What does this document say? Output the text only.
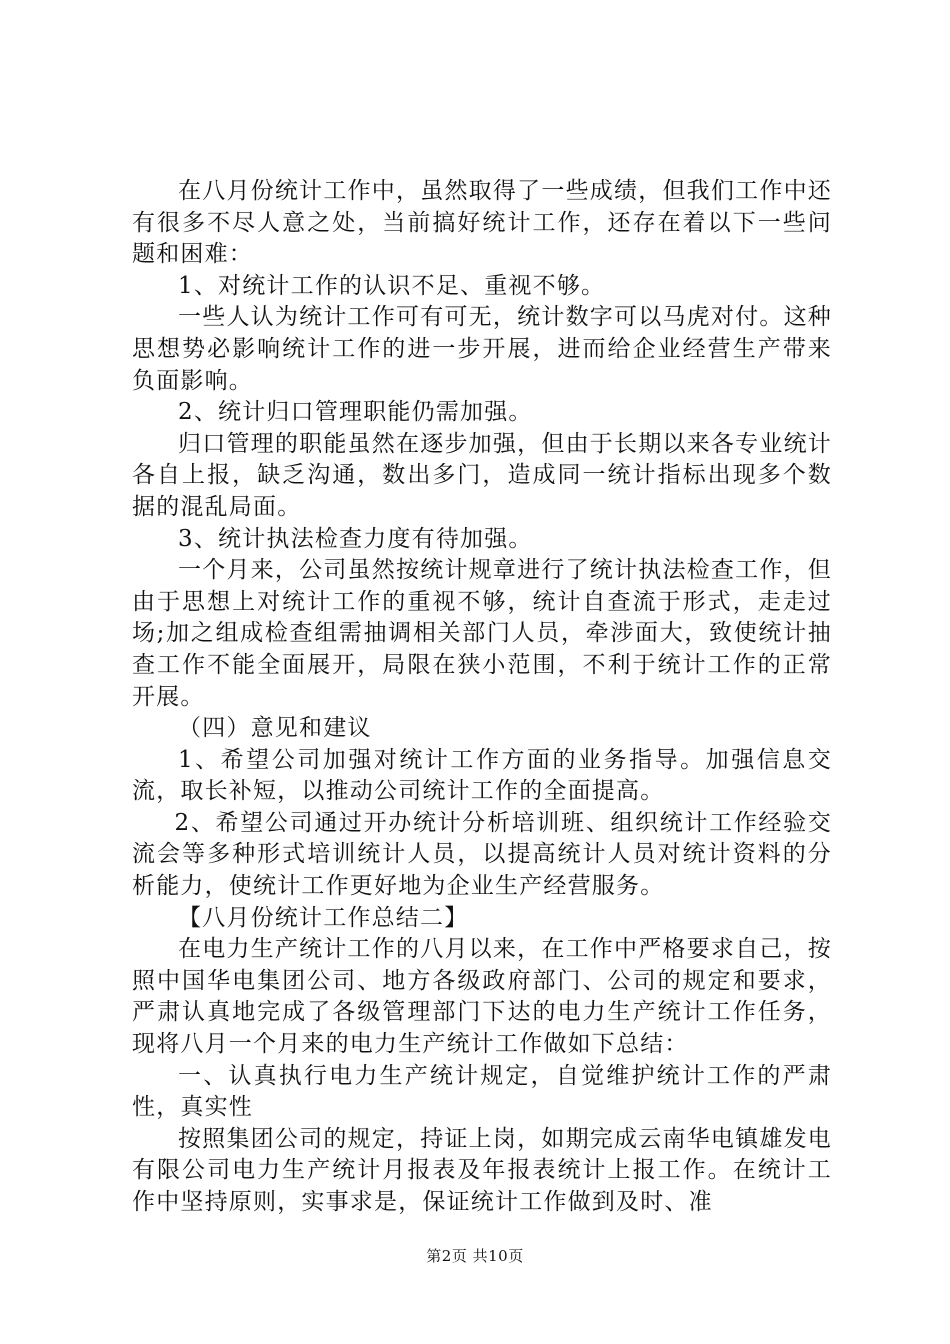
在八月份统计工作中，虽然取得了一些成绩，但我们工作中还有很多不尽人意之处，当前搞好统计工作，还存在着以下一些问题和困难：

1、对统计工作的认识不足、重视不够。

一些人认为统计工作可有可无，统计数字可以马虎对付。这种思想势必影响统计工作的进一步开展，进而给企业经营生产带来负面影响。

2、统计归口管理职能仍需加强。

归口管理的职能虽然在逐步加强，但由于长期以来各专业统计各自上报，缺乏沟通，数出多门，造成同一统计指标出现多个数据的混乱局面。

3、统计执法检查力度有待加强。

一个月来，公司虽然按统计规章进行了统计执法检查工作，但由于思想上对统计工作的重视不够，统计自查流于形式，走走过场;加之组成检查组需抽调相关部门人员，牵涉面大，致使统计抽查工作不能全面展开，局限在狭小范围，不利于统计工作的正常开展。

（四）意见和建议

1、希望公司加强对统计工作方面的业务指导。加强信息交流，取长补短，以推动公司统计工作的全面提高。

2、希望公司通过开办统计分析培训班、组织统计工作经验交流会等多种形式培训统计人员，以提高统计人员对统计资料的分析能力，使统计工作更好地为企业生产经营服务。

【八月份统计工作总结二】

在电力生产统计工作的八月以来，在工作中严格要求自己，按照中国华电集团公司、地方各级政府部门、公司的规定和要求，严肃认真地完成了各级管理部门下达的电力生产统计工作任务，现将八月一个月来的电力生产统计工作做如下总结：

一、认真执行电力生产统计规定，自觉维护统计工作的严肃性，真实性

按照集团公司的规定，持证上岗，如期完成云南华电镇雄发电有限公司电力生产统计月报表及年报表统计上报工作。在统计工作中坚持原则，实事求是，保证统计工作做到及时、准

第2页 共10页
